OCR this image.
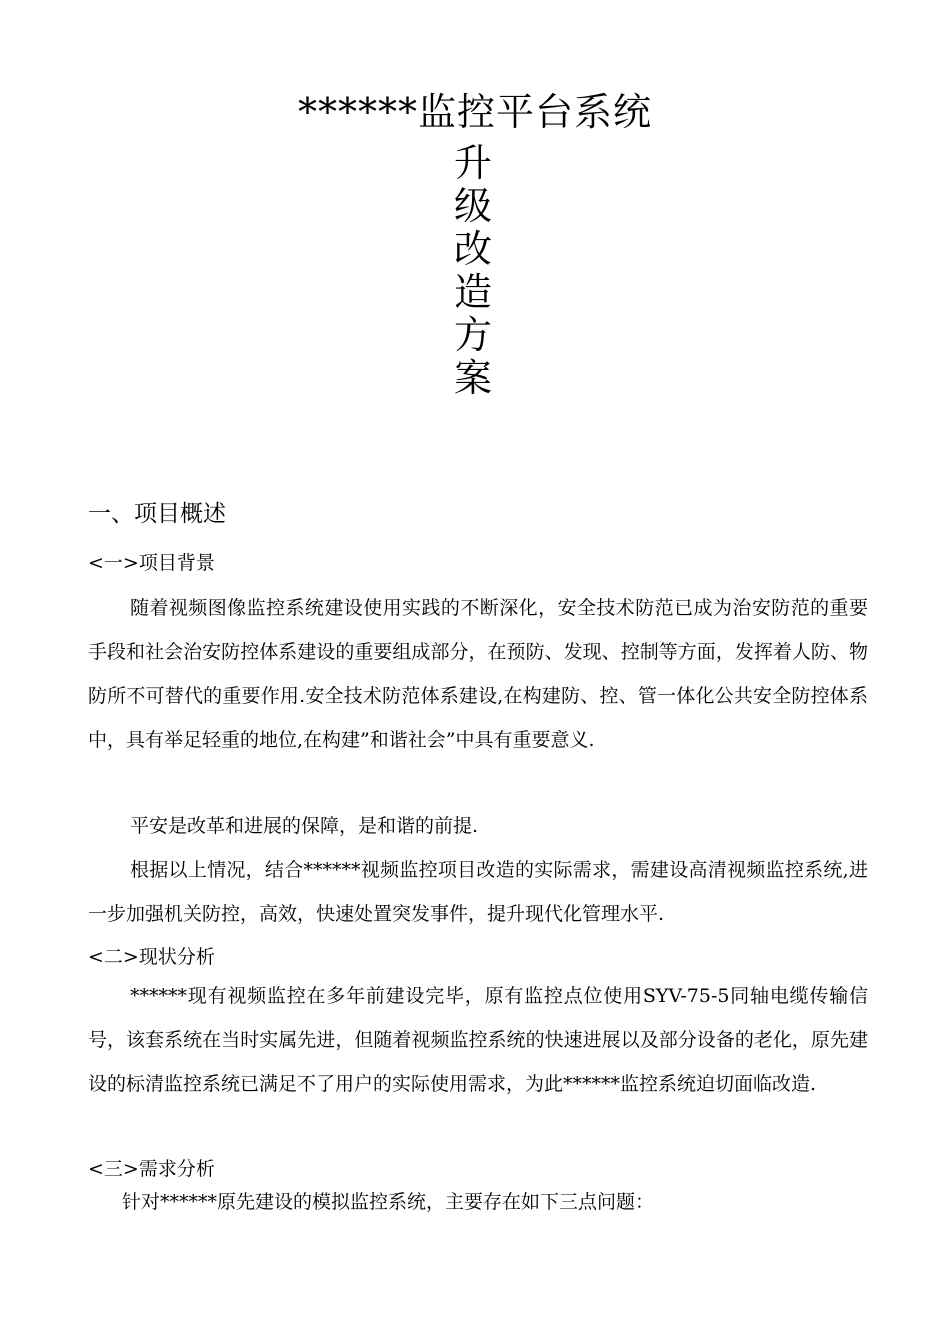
******监控平台系统
升
级
改
造
方
案
一、项目概述
<一>项目背景

随着视频图像监控系统建设使用实践的不断深化，安全技术防范已成为治安防范的重要手段和社会治安防控体系建设的重要组成部分，在预防、发现、控制等方面，发挥着人防、物防所不可替代的重要作用.安全技术防范体系建设,在构建防、控、管一体化公共安全防控体系中，具有举足轻重的地位,在构建”和谐社会”中具有重要意义.

平安是改革和进展的保障，是和谐的前提.

根据以上情况，结合******视频监控项目改造的实际需求，需建设高清视频监控系统,进一步加强机关防控，高效，快速处置突发事件，提升现代化管理水平.

<二>现状分析

******现有视频监控在多年前建设完毕，原有监控点位使用SYV-75-5同轴电缆传输信号，该套系统在当时实属先进，但随着视频监控系统的快速进展以及部分设备的老化，原先建设的标清监控系统已满足不了用户的实际使用需求，为此******监控系统迫切面临改造.

<三>需求分析

针对******原先建设的模拟监控系统，主要存在如下三点问题：
